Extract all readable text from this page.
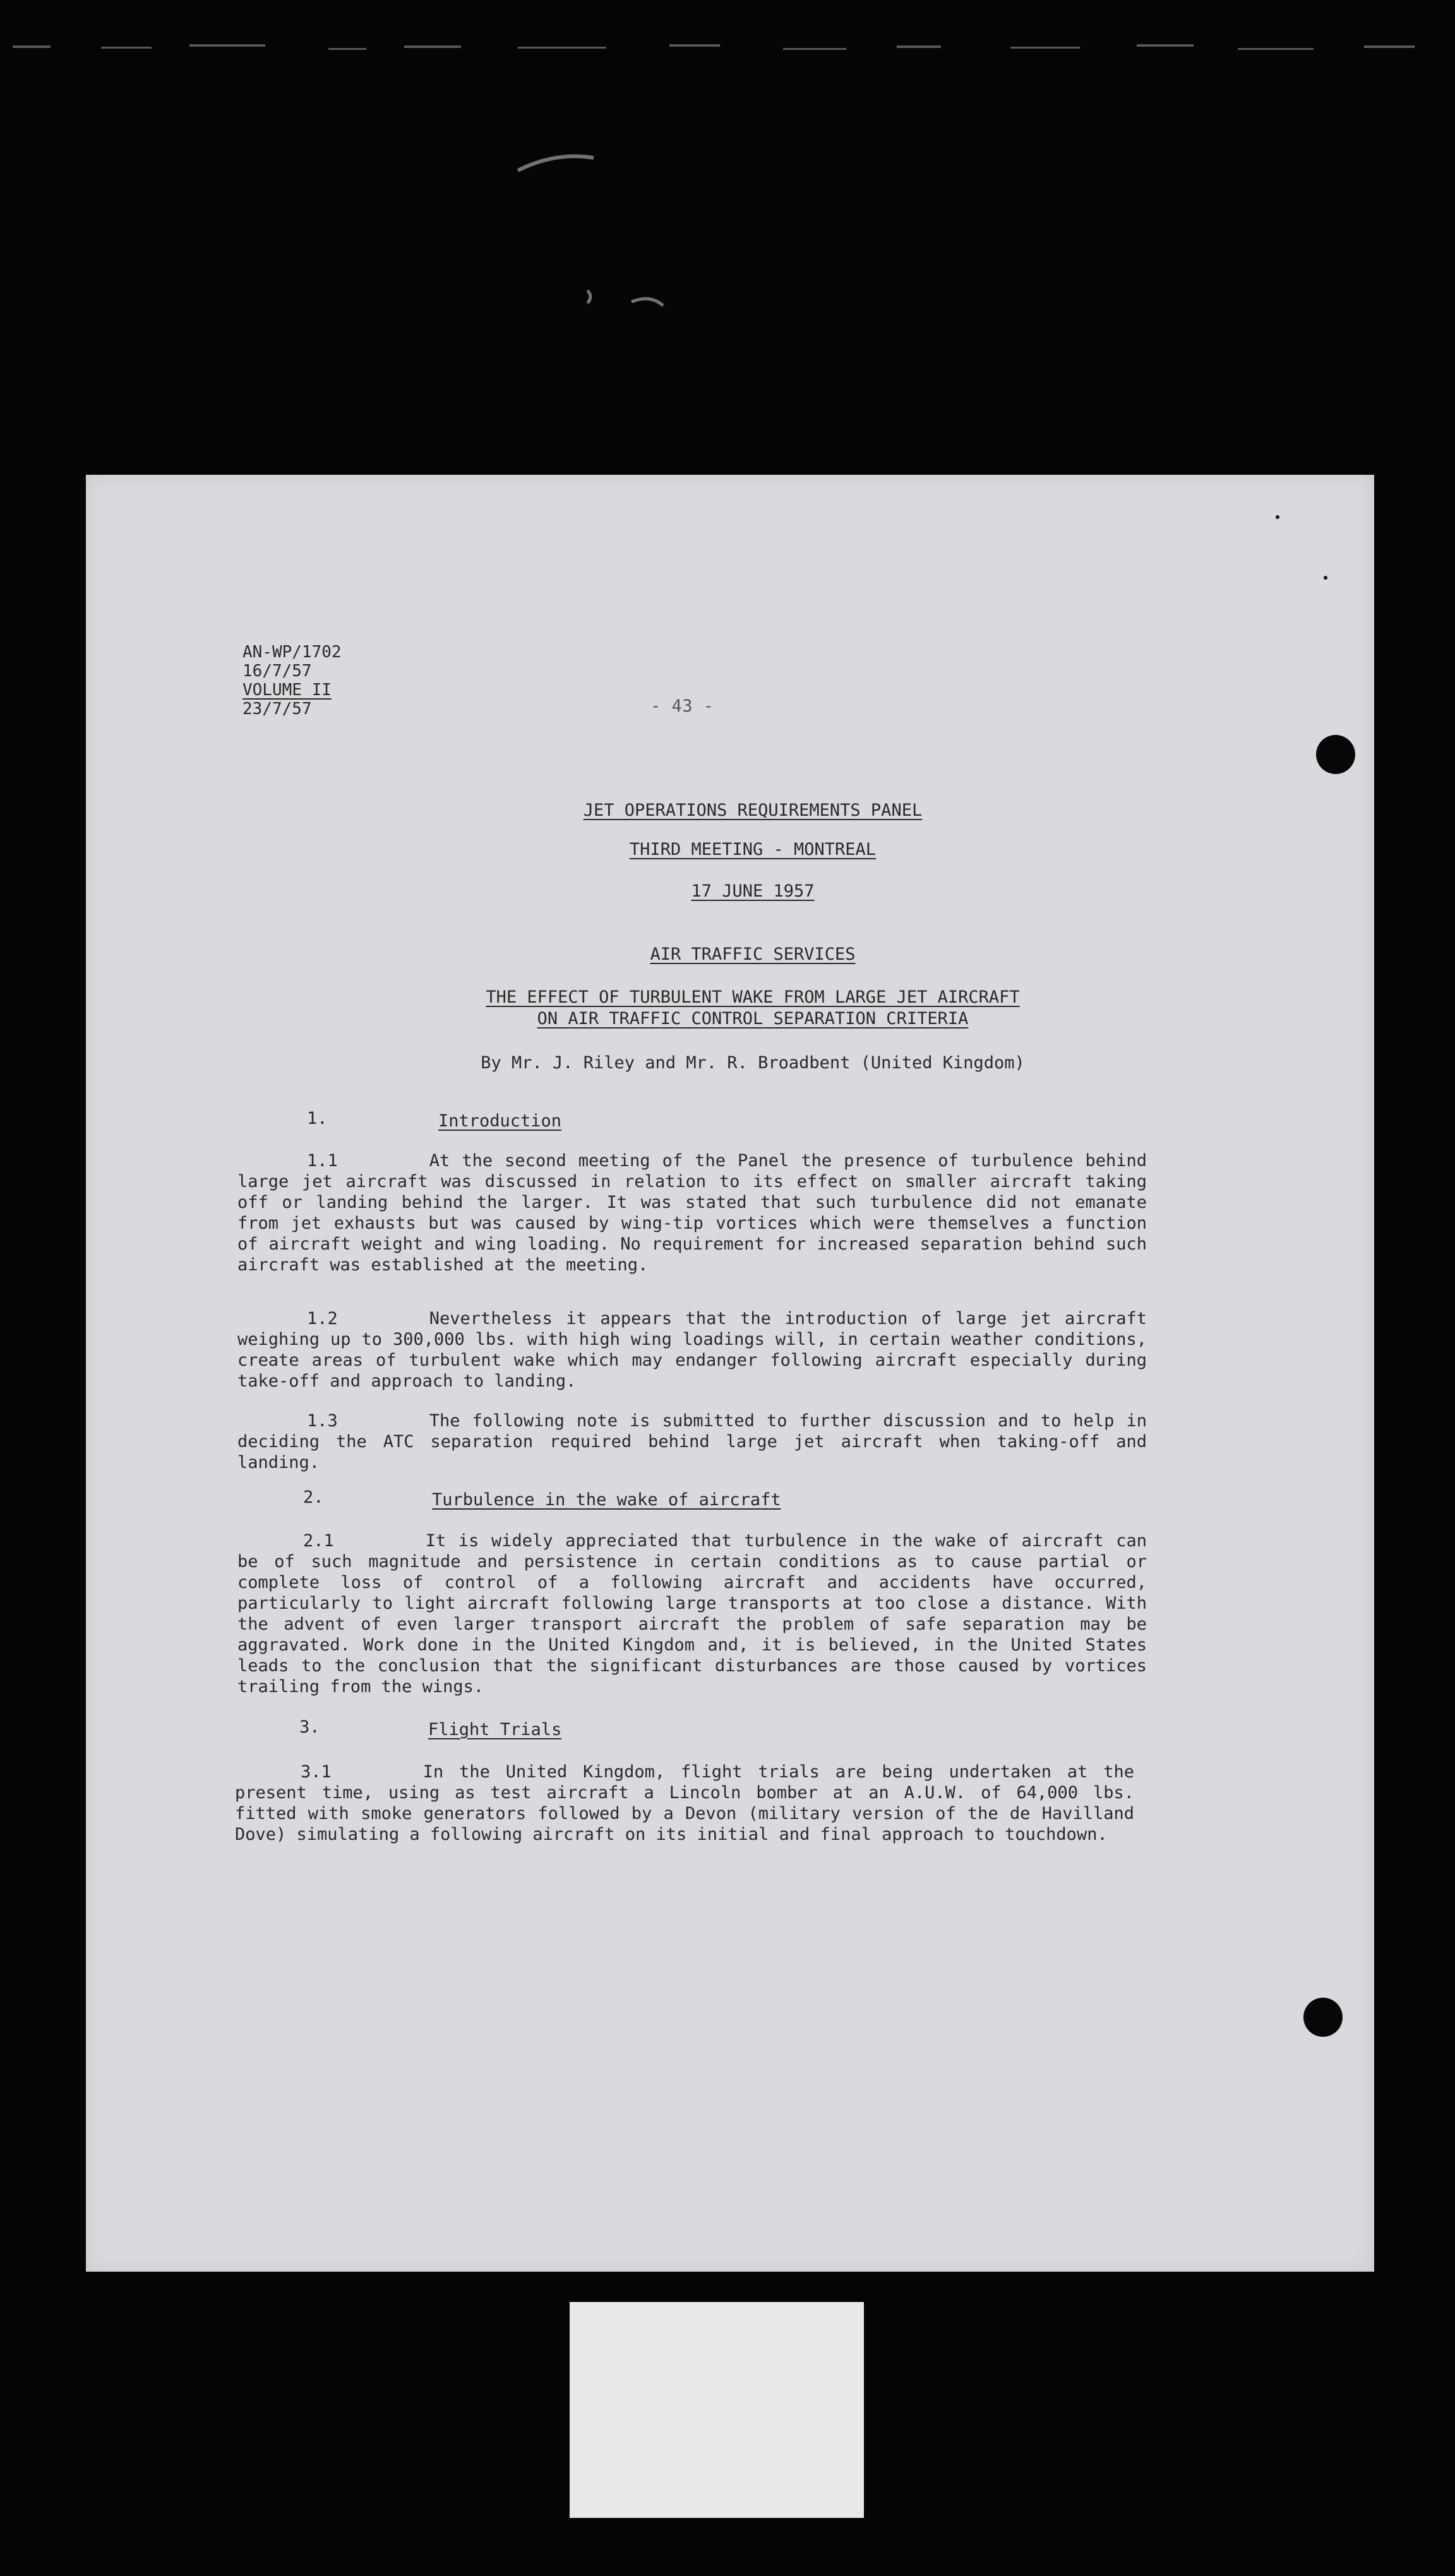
AN-WP/1702
16/7/57
VOLUME II
23/7/57	- 43 -
JET OPERATIONS REQUIREMENTS PANEL
THIRD MEETING - MONTREAL
17 JUNE 1957
AIR TRAFFIC SERVICES
THE EFFECT OF TURBULENT WAKE FROM LARGE JET AIRCRAFT
ON AIR TRAFFIC CONTROL SEPARATION CRITERIA
By Mr. J. Riley and Mr. R. Broadbent (United Kingdom)
1.	Introduction
1.1	At the second meeting of the Panel the presence of turbulence behind large jet aircraft was discussed in relation to its effect on smaller aircraft taking off or landing behind the larger. It was stated that such turbulence did not emanate from jet exhausts but was caused by wing-tip vortices which were themselves a function of aircraft weight and wing loading. No requirement for increased separation behind such aircraft was established at the meeting.
1.2	Nevertheless it appears that the introduction of large jet aircraft weighing up to 300,000 lbs. with high wing loadings will, in certain weather conditions, create areas of turbulent wake which may endanger following aircraft especially during take-off and approach to landing.
1.3	The following note is submitted to further discussion and to help in deciding the ATC separation required behind large jet aircraft when taking-off and landing.
2.	Turbulence in the wake of aircraft
2.1	It is widely appreciated that turbulence in the wake of aircraft can be of such magnitude and persistence in certain conditions as to cause partial or complete loss of control of a following aircraft and accidents have occurred, particularly to light aircraft following large transports at too close a distance. With the advent of even larger transport aircraft the problem of safe separation may be aggravated. Work done in the United Kingdom and, it is believed, in the United States leads to the conclusion that the significant disturbances are those caused by vortices trailing from the wings.
3.	Flight Trials
3.1	In the United Kingdom, flight trials are being undertaken at the present time, using as test aircraft a Lincoln bomber at an A.U.W. of 64,000 lbs. fitted with smoke generators followed by a Devon (military version of the de Havilland Dove) simulating a following aircraft on its initial and final approach to touchdown.
